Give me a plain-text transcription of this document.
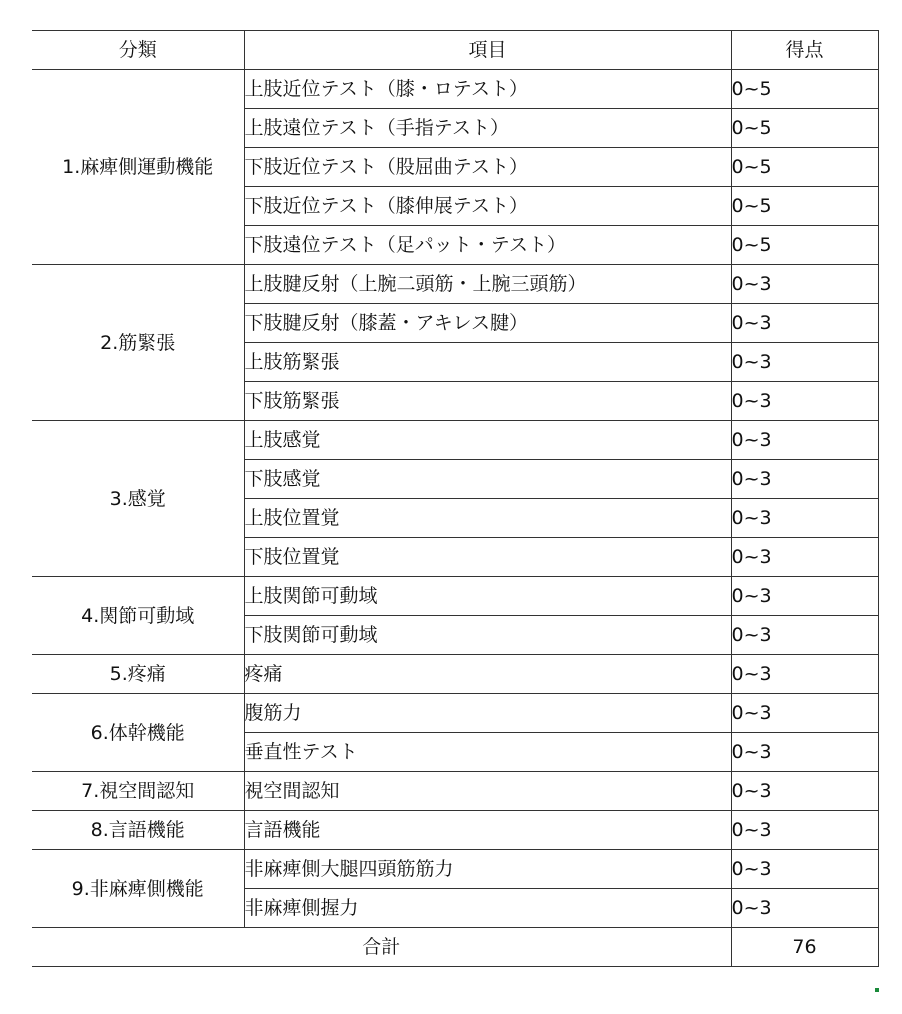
分類	項目	得点
1.麻痺側運動機能	上肢近位テスト（膝・ロテスト）	0~5
	上肢遠位テスト（手指テスト）	0~5
	下肢近位テスト（股屈曲テスト）	0~5
	下肢近位テスト（膝伸展テスト）	0~5
	下肢遠位テスト（足パット・テスト）	0~5
2.筋緊張	上肢腱反射（上腕二頭筋・上腕三頭筋）	0~3
	下肢腱反射（膝蓋・アキレス腱）	0~3
	上肢筋緊張	0~3
	下肢筋緊張	0~3
3.感覚	上肢感覚	0~3
	下肢感覚	0~3
	上肢位置覚	0~3
	下肢位置覚	0~3
4.関節可動域	上肢関節可動域	0~3
	下肢関節可動域	0~3
5.疼痛	疼痛	0~3
6.体幹機能	腹筋力	0~3
	垂直性テスト	0~3
7.視空間認知	視空間認知	0~3
8.言語機能	言語機能	0~3
9.非麻痺側機能	非麻痺側大腿四頭筋筋力	0~3
	非麻痺側握力	0~3
合計		76
